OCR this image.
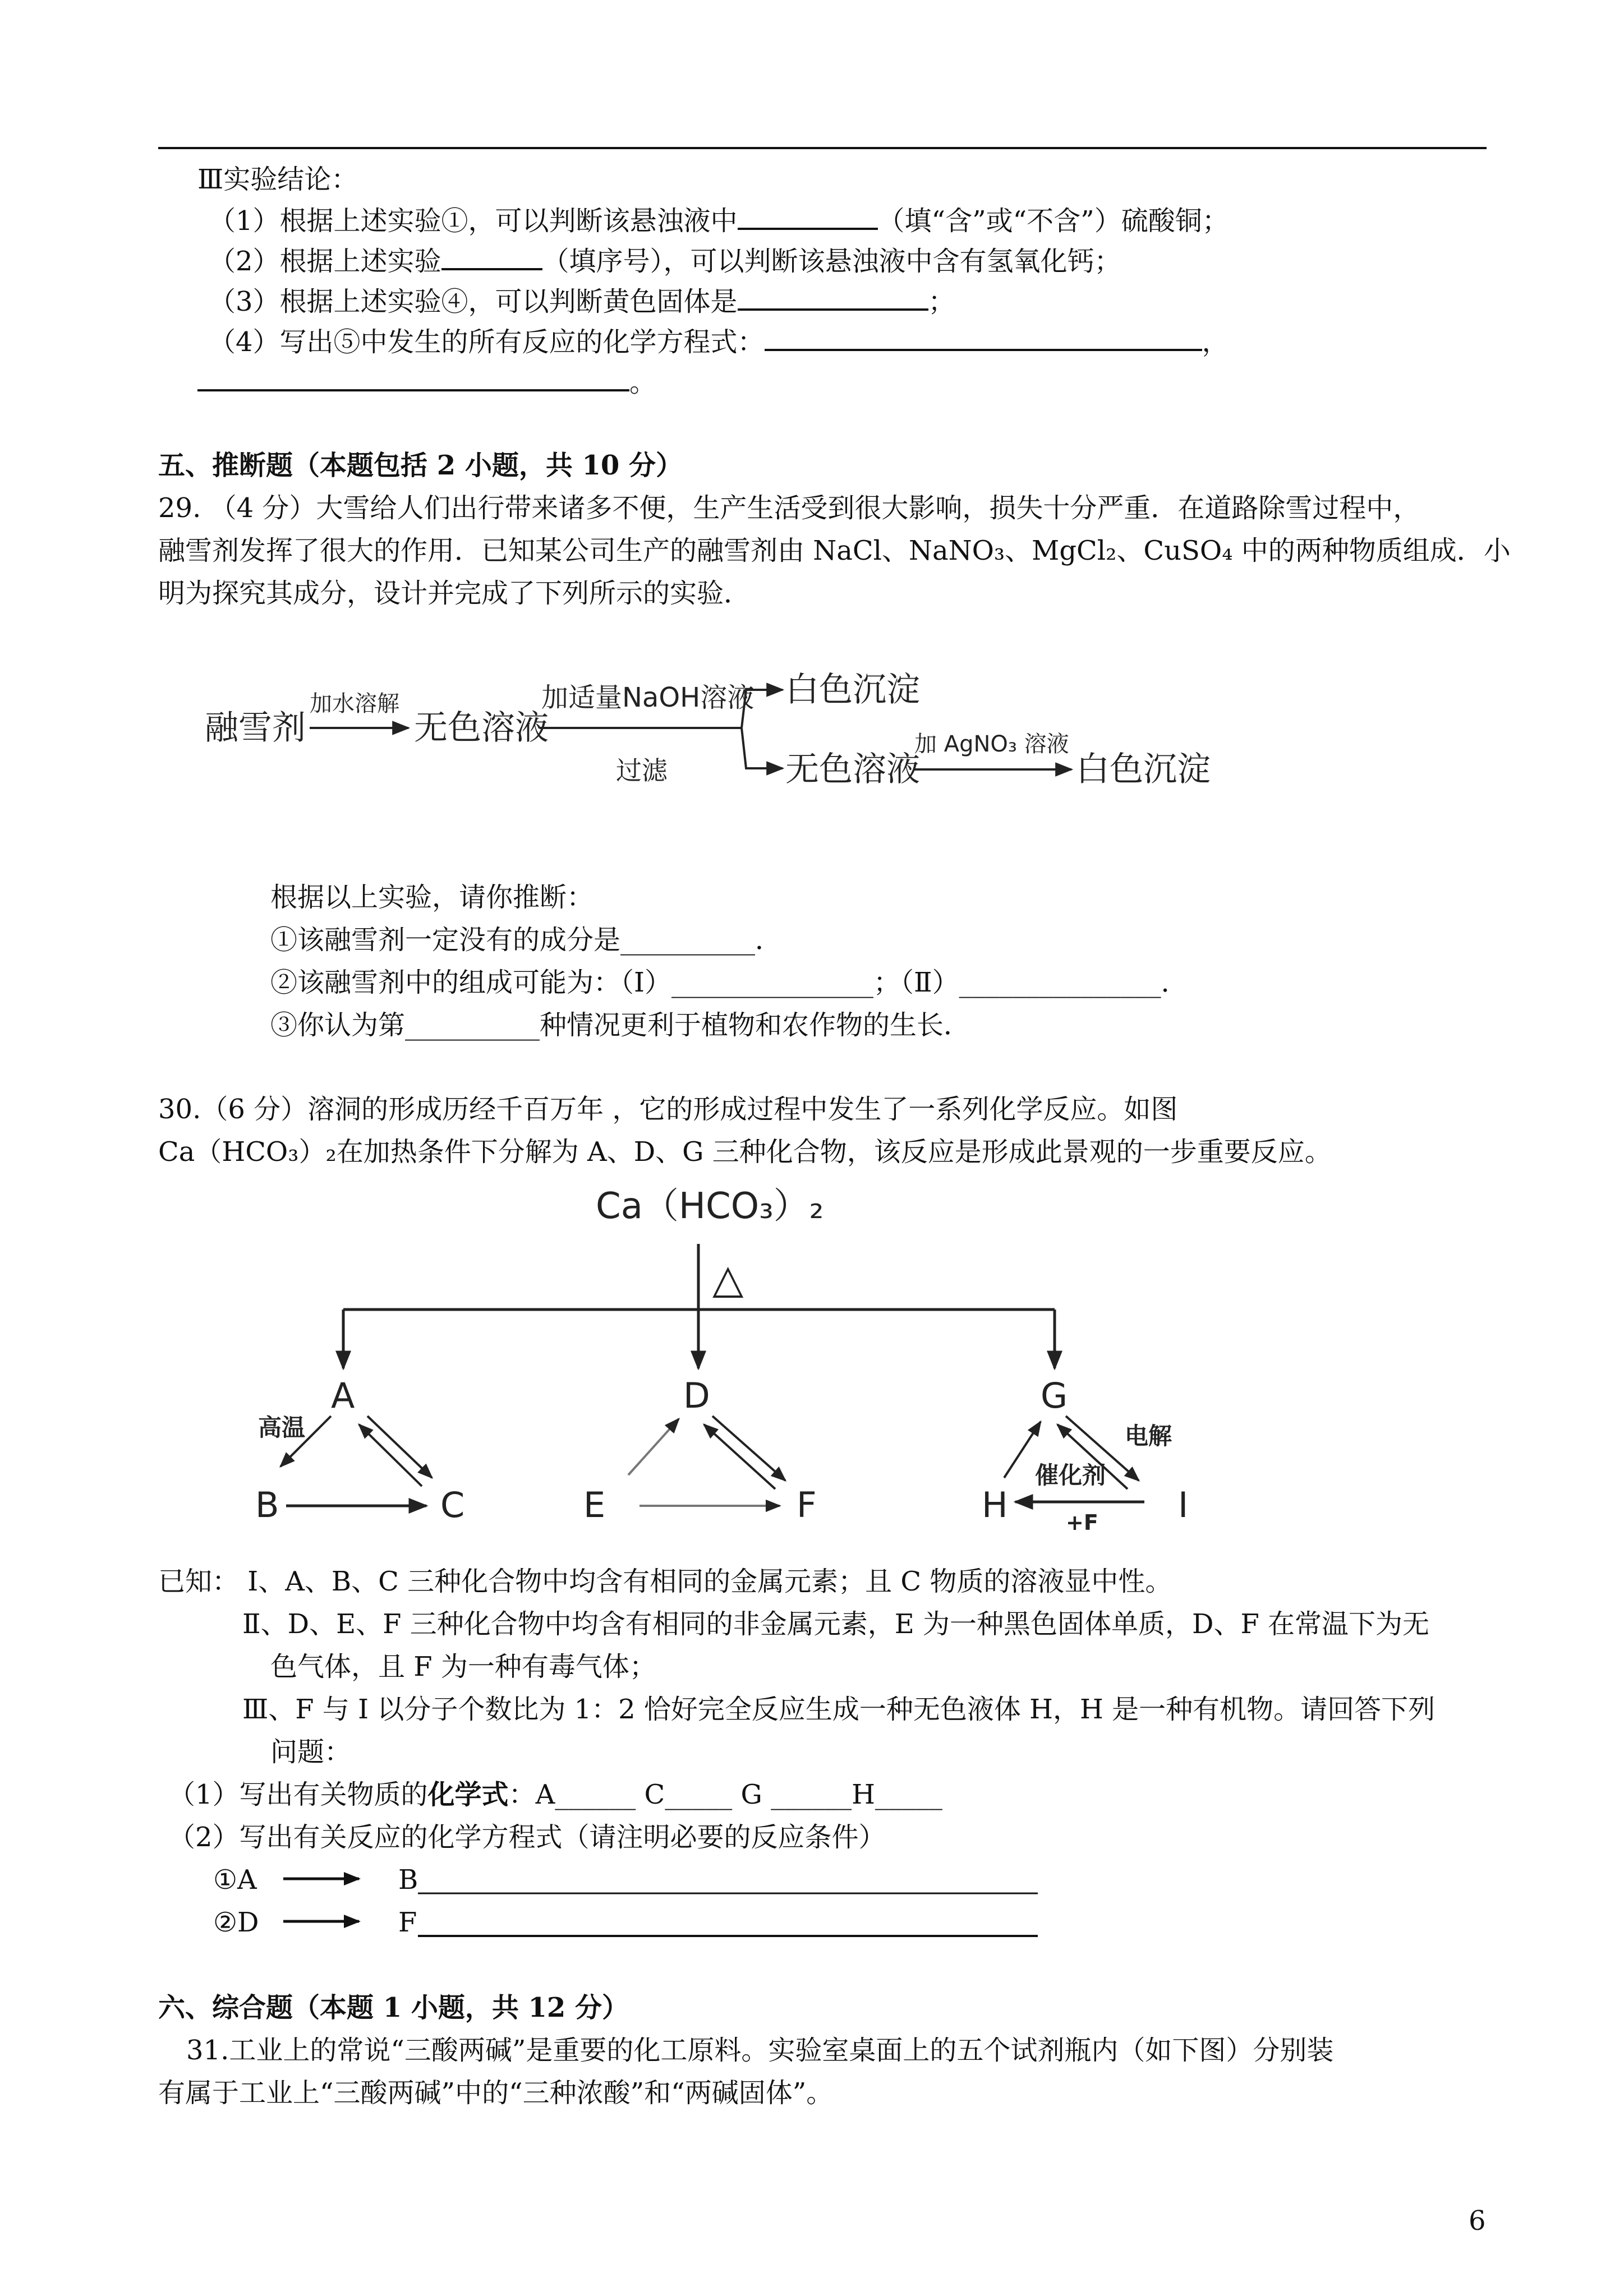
Ⅲ实验结论：
（1）根据上述实验①，可以判断该悬浊液中	（填“含”或“不含”）硫酸铜；
（2）根据上述实验	（填序号），可以判断该悬浊液中含有氢氧化钙；
（3）根据上述实验④，可以判断黄色固体是	；
（4）写出⑤中发生的所有反应的化学方程式：	，
。
五、推断题（本题包括 2 小题，共 10 分）
29. （4 分）大雪给人们出行带来诸多不便，生产生活受到很大影响，损失十分严重．在道路除雪过程中，
融雪剂发挥了很大的作用．已知某公司生产的融雪剂由 NaCl、NaNO₃、MgCl₂、CuSO₄ 中的两种物质组成．小
明为探究其成分，设计并完成了下列所示的实验．
融雪剂
加水溶解
无色溶液
加适量NaOH溶液
过滤
白色沉淀
无色溶液
加 AgNO₃ 溶液
白色沉淀
根据以上实验，请你推断：
①该融雪剂一定没有的成分是__________．
②该融雪剂中的组成可能为：（Ⅰ）_______________；（Ⅱ）_______________．
③你认为第__________种情况更利于植物和农作物的生长．
30.（6 分）溶洞的形成历经千百万年 ，它的形成过程中发生了一系列化学反应。如图
Ca（HCO₃）₂在加热条件下分解为 A、D、G 三种化合物，该反应是形成此景观的一步重要反应。
Ca（HCO₃）₂
△
A
高温
B	C
D
E	F
G
电解
催化剂
H	+F I
已知： Ⅰ、A、B、C 三种化合物中均含有相同的金属元素；且 C 物质的溶液显中性。
Ⅱ、D、E、F 三种化合物中均含有相同的非金属元素，E 为一种黑色固体单质，D、F 在常温下为无
色气体，且 F 为一种有毒气体；
Ⅲ、F 与 I 以分子个数比为 1：2 恰好完全反应生成一种无色液体 H，H 是一种有机物。请回答下列
问题：
（1）写出有关物质的化学式：A______ C_____ G ______H_____
（2）写出有关反应的化学方程式（请注明必要的反应条件）
①A	B
②D	F
六、综合题（本题 1 小题，共 12 分）
31.工业上的常说“三酸两碱”是重要的化工原料。实验室桌面上的五个试剂瓶内（如下图）分别装
有属于工业上“三酸两碱”中的“三种浓酸”和“两碱固体”。
6
